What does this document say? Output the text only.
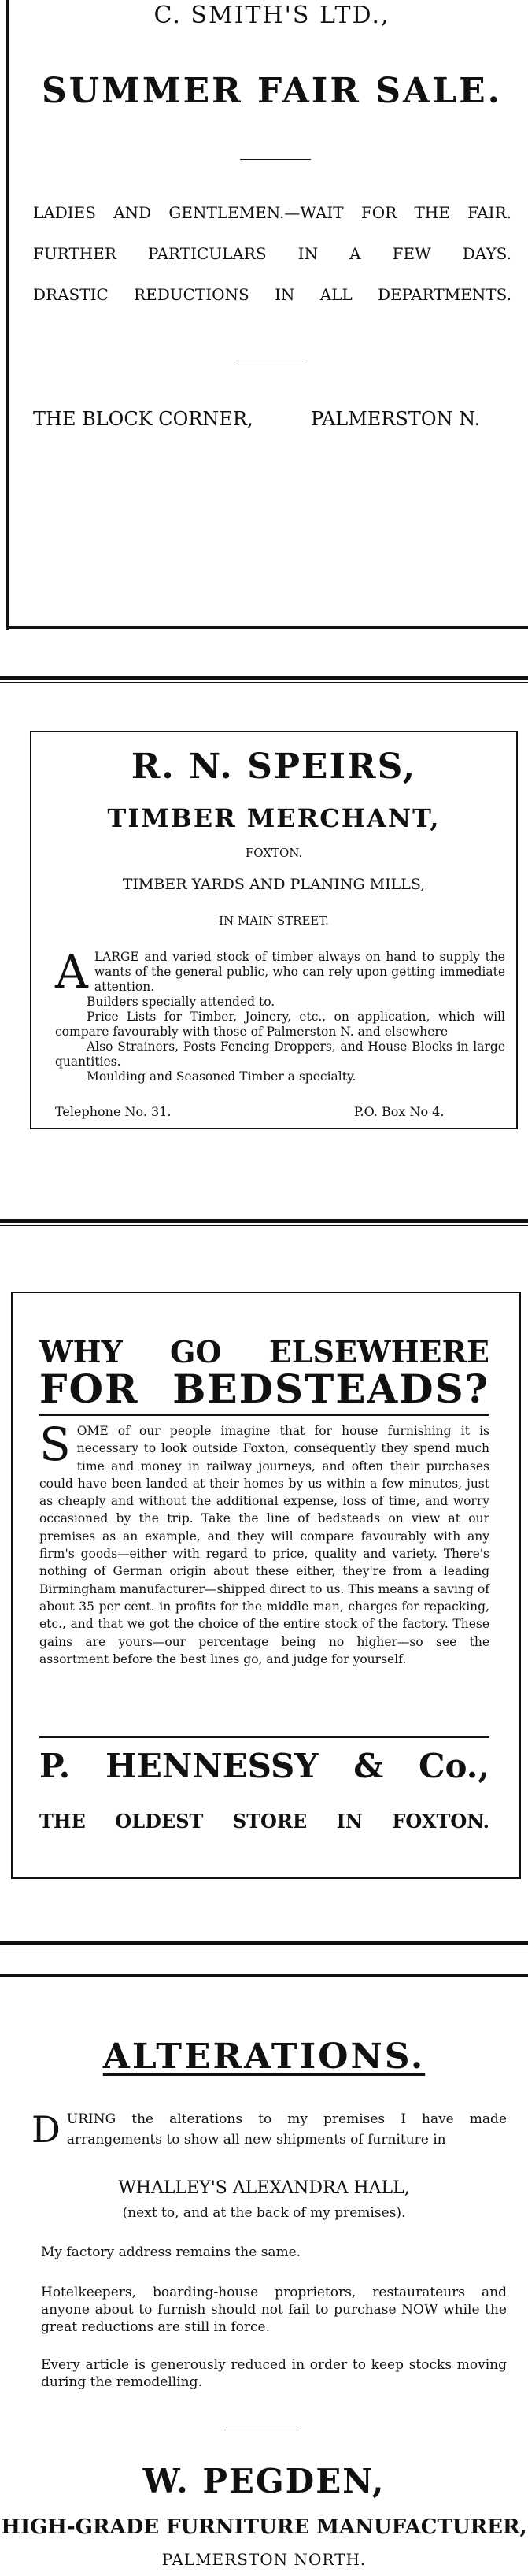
C. SMITH'S LTD.,
SUMMER FAIR SALE.
LADIES AND GENTLEMEN.—WAIT FOR THE FAIR.
FURTHER PARTICULARS IN A FEW DAYS.
DRASTIC REDUCTIONS IN ALL DEPARTMENTS.
THE BLOCK CORNER,	PALMERSTON N.
R. N. SPEIRS,
TIMBER MERCHANT,
FOXTON.
TIMBER YARDS AND PLANING MILLS,
IN MAIN STREET.
A LARGE and varied stock of timber always on hand to supply the wants of the general public, who can rely upon getting immediate attention.

Builders specially attended to.

Price Lists for Timber, Joinery, etc., on application, which will compare favourably with those of Palmerston N. and elsewhere

Also Strainers, Posts Fencing Droppers, and House Blocks in large quantities.

Moulding and Seasoned Timber a specialty.

Telephone No. 31.	P.O. Box No 4.
WHY GO ELSEWHERE
FOR BEDSTEADS?
SOME of our people imagine that for house furnishing it is necessary to look outside Foxton, consequently they spend much time and money in railway journeys, and often their purchases could have been landed at their homes by us within a few minutes, just as cheaply and without the additional expense, loss of time, and worry occasioned by the trip. Take the line of bedsteads on view at our premises as an example, and they will compare favourably with any firm's goods—either with regard to price, quality and variety. There's nothing of German origin about these either, they're from a leading Birmingham manufacturer—shipped direct to us. This means a saving of about 35 per cent. in profits for the middle man, charges for repacking, etc., and that we got the choice of the entire stock of the factory. These gains are yours—our percentage being no higher—so see the assortment before the best lines go, and judge for yourself.
P. HENNESSY & Co.,
THE OLDEST STORE IN FOXTON.
ALTERATIONS.
DURING the alterations to my premises I have made arrangements to show all new shipments of furniture in
WHALLEY'S ALEXANDRA HALL,
(next to, and at the back of my premises).
My factory address remains the same.
Hotelkeepers, boarding-house proprietors, restaurateurs and anyone about to furnish should not fail to purchase NOW while the great reductions are still in force.
Every article is generously reduced in order to keep stocks moving during the remodelling.
W. PEGDEN,
HIGH-GRADE FURNITURE MANUFACTURER,
PALMERSTON NORTH.
